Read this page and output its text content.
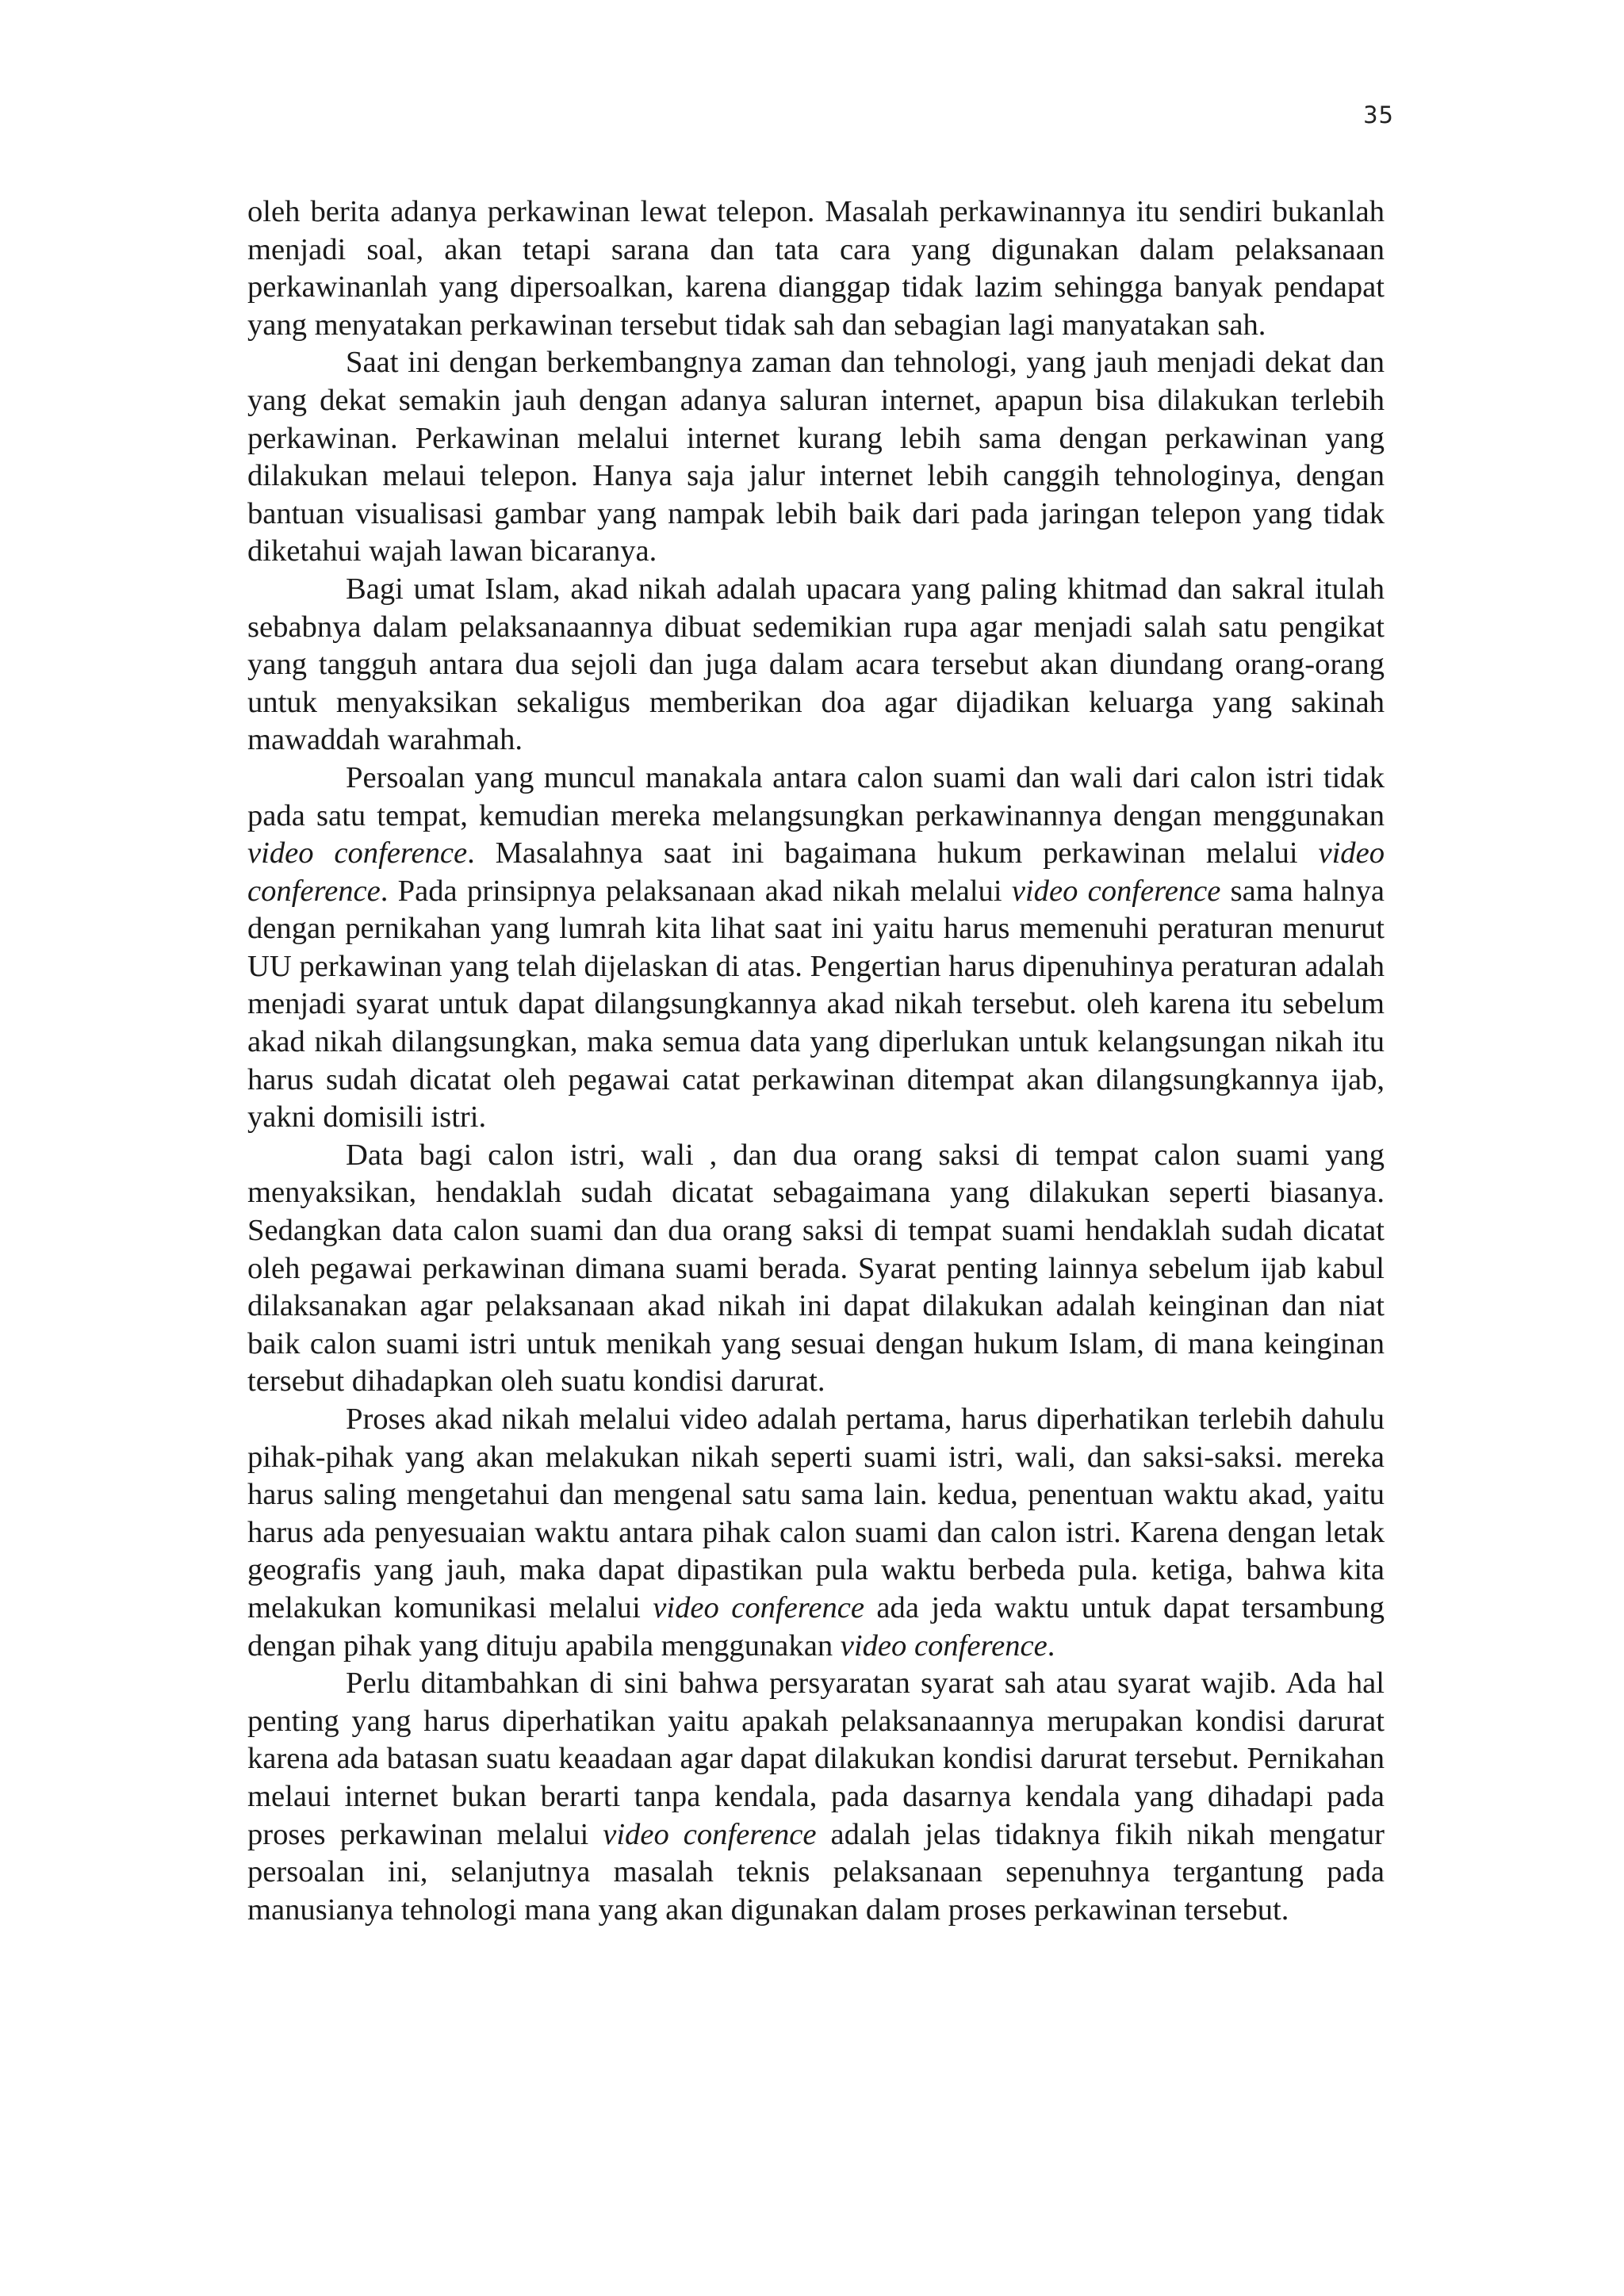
35

oleh berita adanya perkawinan lewat telepon. Masalah perkawinannya itu sendiri bukanlah menjadi soal, akan tetapi sarana dan tata cara yang digunakan dalam pelaksanaan perkawinanlah yang dipersoalkan, karena dianggap tidak lazim sehingga banyak pendapat yang menyatakan perkawinan tersebut tidak sah dan sebagian lagi manyatakan sah.

Saat ini dengan berkembangnya zaman dan tehnologi, yang jauh menjadi dekat dan yang dekat semakin jauh dengan adanya saluran internet, apapun bisa dilakukan terlebih perkawinan. Perkawinan melalui internet kurang lebih sama dengan perkawinan yang dilakukan melaui telepon. Hanya saja jalur internet lebih canggih tehnologinya, dengan bantuan visualisasi gambar yang nampak lebih baik dari pada jaringan telepon yang tidak diketahui wajah lawan bicaranya.

Bagi umat Islam, akad nikah adalah upacara yang paling khitmad dan sakral itulah sebabnya dalam pelaksanaannya dibuat sedemikian rupa agar menjadi salah satu pengikat yang tangguh antara dua sejoli dan juga dalam acara tersebut akan diundang orang-orang untuk menyaksikan sekaligus memberikan doa agar dijadikan keluarga yang sakinah mawaddah warahmah.

Persoalan yang muncul manakala antara calon suami dan wali dari calon istri tidak pada satu tempat, kemudian mereka melangsungkan perkawinannya dengan menggunakan video conference. Masalahnya saat ini bagaimana hukum perkawinan melalui video conference. Pada prinsipnya pelaksanaan akad nikah melalui video conference sama halnya dengan pernikahan yang lumrah kita lihat saat ini yaitu harus memenuhi peraturan menurut UU perkawinan yang telah dijelaskan di atas. Pengertian harus dipenuhinya peraturan adalah menjadi syarat untuk dapat dilangsungkannya akad nikah tersebut. oleh karena itu sebelum akad nikah dilangsungkan, maka semua data yang diperlukan untuk kelangsungan nikah itu harus sudah dicatat oleh pegawai catat perkawinan ditempat akan dilangsungkannya ijab, yakni domisili istri.

Data bagi calon istri, wali , dan dua orang saksi di tempat calon suami yang menyaksikan, hendaklah sudah dicatat sebagaimana yang dilakukan seperti biasanya. Sedangkan data calon suami dan dua orang saksi di tempat suami hendaklah sudah dicatat oleh pegawai perkawinan dimana suami berada. Syarat penting lainnya sebelum ijab kabul dilaksanakan agar pelaksanaan akad nikah ini dapat dilakukan adalah keinginan dan niat baik calon suami istri untuk menikah yang sesuai dengan hukum Islam, di mana keinginan tersebut dihadapkan oleh suatu kondisi darurat.

Proses akad nikah melalui video adalah pertama, harus diperhatikan terlebih dahulu pihak-pihak yang akan melakukan nikah seperti suami istri, wali, dan saksi-saksi. mereka harus saling mengetahui dan mengenal satu sama lain. kedua, penentuan waktu akad, yaitu harus ada penyesuaian waktu antara pihak calon suami dan calon istri. Karena dengan letak geografis yang jauh, maka dapat dipastikan pula waktu berbeda pula. ketiga, bahwa kita melakukan komunikasi melalui video conference ada jeda waktu untuk dapat tersambung dengan pihak yang dituju apabila menggunakan video conference.

Perlu ditambahkan di sini bahwa persyaratan syarat sah atau syarat wajib. Ada hal penting yang harus diperhatikan yaitu apakah pelaksanaannya merupakan kondisi darurat karena ada batasan suatu keaadaan agar dapat dilakukan kondisi darurat tersebut. Pernikahan melaui internet bukan berarti tanpa kendala, pada dasarnya kendala yang dihadapi pada proses perkawinan melalui video conference adalah jelas tidaknya fikih nikah mengatur persoalan ini, selanjutnya masalah teknis pelaksanaan sepenuhnya tergantung pada manusianya tehnologi mana yang akan digunakan dalam proses perkawinan tersebut.
